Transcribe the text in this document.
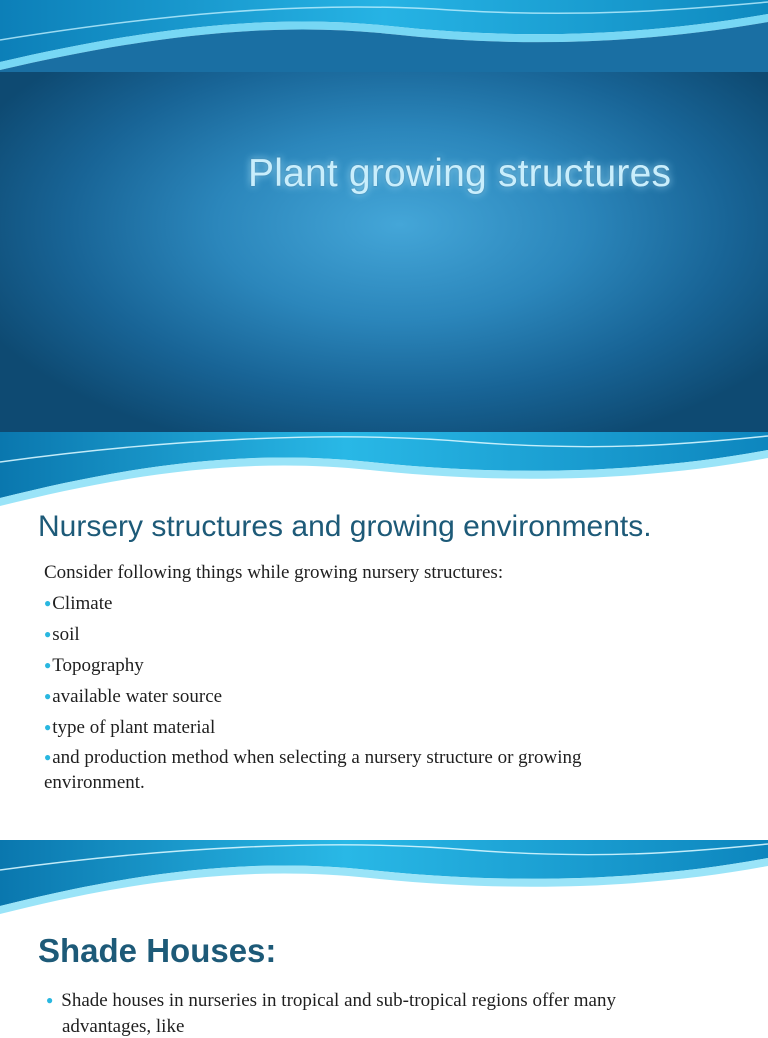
Plant growing structures
Nursery structures and growing environments.
Consider following things while growing nursery structures:
●Climate
●soil
●Topography
●available water source
●type of plant material
●and production method when selecting a nursery structure or growing
environment.
Shade Houses:
● Shade houses in nurseries in tropical and sub-tropical regions offer many
advantages, like
